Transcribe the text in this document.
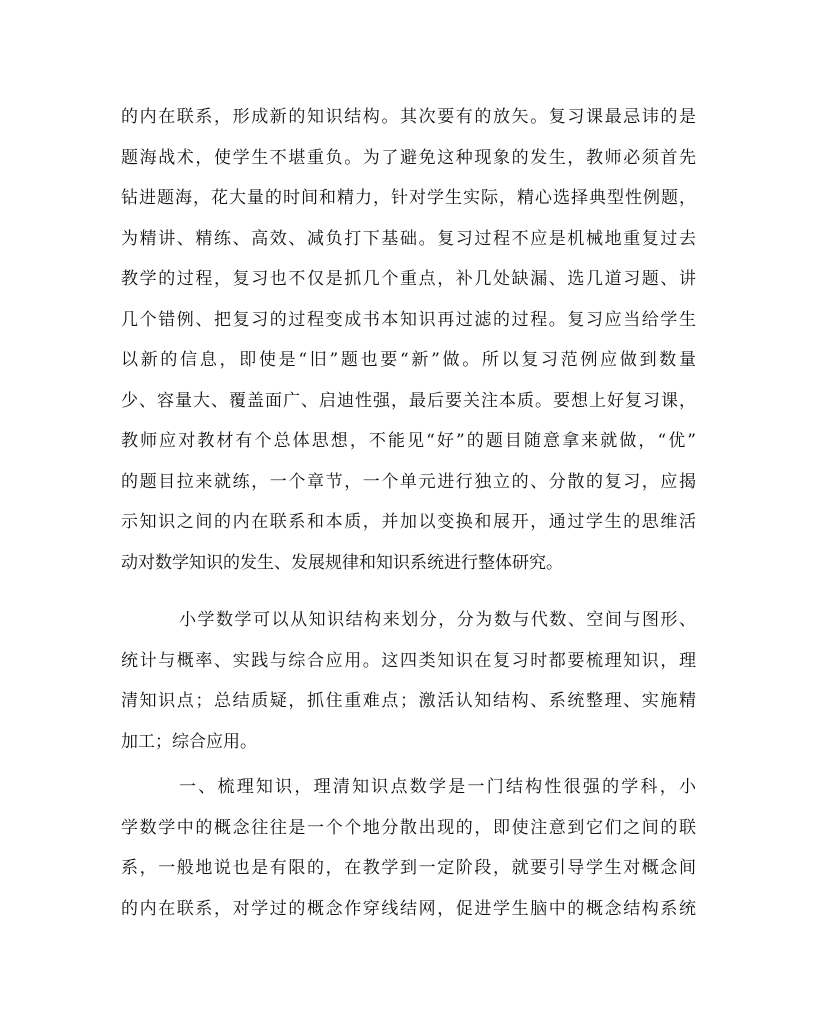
的内在联系，形成新的知识结构。其次要有的放矢。复习课最忌讳的是
题海战术，使学生不堪重负。为了避免这种现象的发生，教师必须首先
钻进题海，花大量的时间和精力，针对学生实际，精心选择典型性例题，
为精讲、精练、高效、减负打下基础。复习过程不应是机械地重复过去
教学的过程，复习也不仅是抓几个重点，补几处缺漏、选几道习题、讲
几个错例、把复习的过程变成书本知识再过滤的过程。复习应当给学生
以新的信息，即使是“旧”题也要“新”做。所以复习范例应做到数量
少、容量大、覆盖面广、启迪性强，最后要关注本质。要想上好复习课，
教师应对教材有个总体思想，不能见“好”的题目随意拿来就做，“优”
的题目拉来就练，一个章节，一个单元进行独立的、分散的复习，应揭
示知识之间的内在联系和本质，并加以变换和展开，通过学生的思维活
动对数学知识的发生、发展规律和知识系统进行整体研究。
小学数学可以从知识结构来划分，分为数与代数、空间与图形、
统计与概率、实践与综合应用。这四类知识在复习时都要梳理知识，理
清知识点；总结质疑，抓住重难点；激活认知结构、系统整理、实施精
加工；综合应用。
一、梳理知识，理清知识点数学是一门结构性很强的学科，小
学数学中的概念往往是一个个地分散出现的，即使注意到它们之间的联
系，一般地说也是有限的，在教学到一定阶段，就要引导学生对概念间
的内在联系，对学过的概念作穿线结网，促进学生脑中的概念结构系统
